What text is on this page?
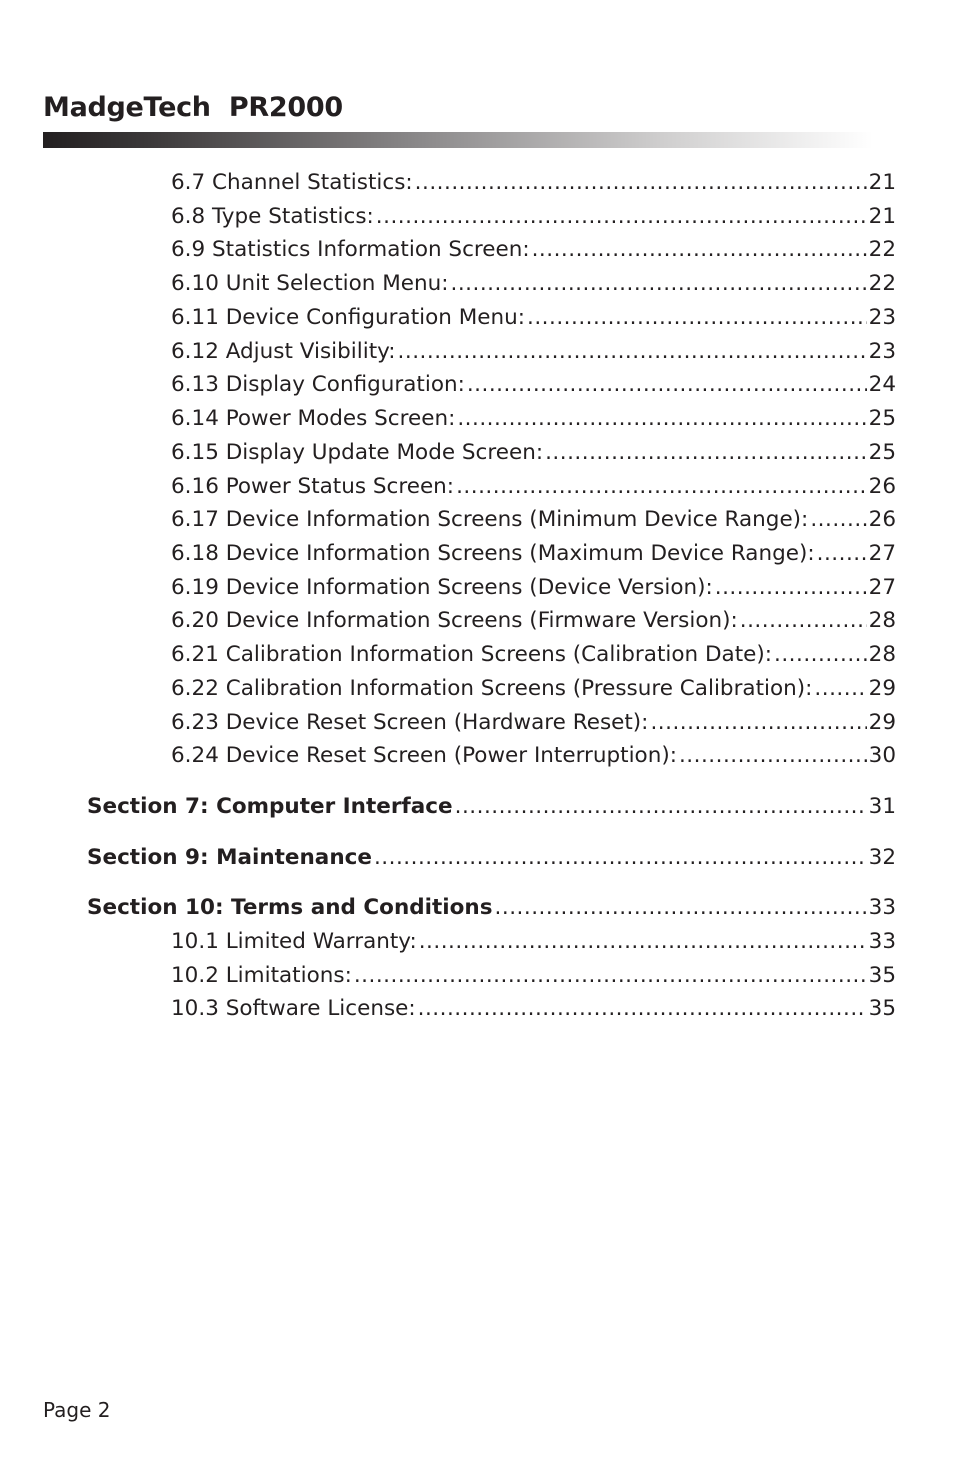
MadgeTech  PR2000
6.7 Channel Statistics: .....	21
6.8 Type Statistics: .....	21
6.9 Statistics Information Screen: .....	22
6.10 Unit Selection Menu: .....	22
6.11 Device Configuration Menu: .....	23
6.12 Adjust Visibility: .....	23
6.13 Display Configuration: .....	24
6.14 Power Modes Screen: .....	25
6.15 Display Update Mode Screen: .....	25
6.16 Power Status Screen: .....	26
6.17 Device Information Screens (Minimum Device Range): .....	26
6.18 Device Information Screens (Maximum Device Range): .....	27
6.19 Device Information Screens (Device Version): .....	27
6.20 Device Information Screens (Firmware Version): .....	28
6.21 Calibration Information Screens (Calibration Date): .....	28
6.22 Calibration Information Screens (Pressure Calibration): .....	29
6.23 Device Reset Screen (Hardware Reset): .....	29
6.24 Device Reset Screen (Power Interruption): .....	30
Section 7: Computer Interface .....	31
Section 9: Maintenance .....	32
Section 10: Terms and Conditions .....	33
10.1 Limited Warranty: .....	33
10.2 Limitations: .....	35
10.3 Software License: .....	35
Page 2
